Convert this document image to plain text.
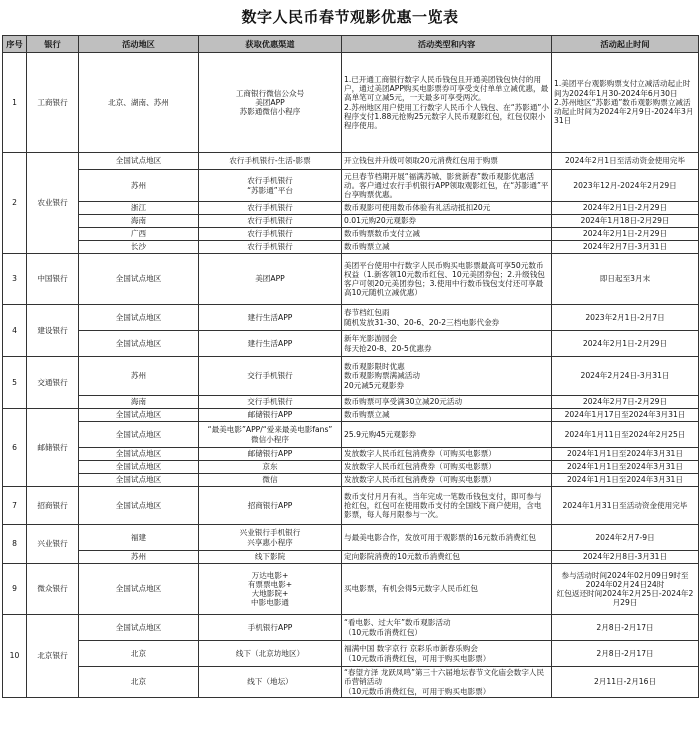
数字人民币春节观影优惠一览表
序号	银行	活动地区	获取优惠渠道	活动类型和内容	活动起止时间
1	工商银行	北京、湖南、苏州	工商银行微信公众号
美团APP
苏影通微信小程序	1.已开通工商银行数字人民币钱包且开通美团钱包快付的用户，通过美团APP购买电影票券可享受支付单单立减优惠，最高单笔可立减5元，一天最多可享受两次。
2.苏州地区用户使用工行数字人民币个人钱包、在“苏影通”小程序支付1.88元抢购25元数字人民币观影红包，红包仅限小程序使用。	1.美团平台观影购票支付立减活动起止时间为2024年1月30-2024年6月30日
2.苏州地区“苏影通”数币观影购票立减活动起止时间为2024年2月9日-2024年3月31日

2	农业银行	全国试点地区	农行手机银行-生活-影票	开立钱包并升级可领取20元消费红包用于购票	2024年2月1日至活动资金使用完毕

		苏州	农行手机银行
“苏影通”平台	元旦春节档期开展“福满苏城、影赏新春”数币观影优惠活动。客户通过农行手机银行APP领取观影红包，在“苏影通”平台享购票优惠。	2023年12月-2024年2月29日

		浙江	农行手机银行	数币观影可使用数币体验有礼活动抵扣20元	2024年2月1日-2月29日

		海南	农行手机银行	0.01元购20元观影券	2024年1月18日-2月29日

		广西	农行手机银行	数币购票数币支付立减	2024年2月1日-2月29日

		长沙	农行手机银行	数币购票立减	2024年2月7日-3月31日

3	中国银行	全国试点地区	美团APP	美团平台使用中行数字人民币购买电影票最高可享50元数币权益（1.新客领10元数币红包、10元美团券包；2.升级钱包客户可领20元美团券包；3.使用中行数币钱包支付还可享最高10元随机立减优惠）	即日起至3月末

4	建设银行	全国试点地区	建行生活APP	春节档红包雨
随机发放31-30、20-6、20-2三档电影代金券	2023年2月1日-2月7日

		全国试点地区	建行生活APP	新年光影游园会
每天抢20-8、20-5优惠券	2024年2月1日-2月29日

5	交通银行	苏州	交行手机银行	数币观影限时优惠
数币观影购票满减活动
20元减5元观影券	2024年2月24日-3月31日

		海南	交行手机银行	数币购票可享受满30立减20元活动	2024年2月7日-2月29日

6	邮储银行	全国试点地区	邮储银行APP	数币购票立减	2024年1月17日至2024年3月31日

		全国试点地区	“最美电影”APP/“爱来最美电影fans”
微信小程序	25.9元购45元观影券	2024年1月11日至2024年2月25日

		全国试点地区	邮储银行APP	发放数字人民币红包消费券（可购买电影票）	2024年1月1日至2024年3月31日

		全国试点地区	京东	发放数字人民币红包消费券（可购买电影票）	2024年1月1日至2024年3月31日

		全国试点地区	微信	发放数字人民币红包消费券（可购买电影票）	2024年1月1日至2024年3月31日

7	招商银行	全国试点地区	招商银行APP	数币支付月月有礼，当年完成一笔数币钱包支付，即可参与抢红包，红包可在使用数币支付的全国线下商户使用，含电影票，每人每月限参与一次。	2024年1月31日至活动资金使用完毕

8	兴业银行	福建	兴业银行手机银行
兴享惠小程序	与最美电影合作，发放可用于观影票的16元数币消费红包	2024年2月7-9日

		苏州	线下影院	定向影院消费的10元数币消费红包	2024年2月8日-3月31日

9	微众银行	全国试点地区	万达电影+
有票票电影+
大地影院+
中影电影通	买电影票，有机会得5元数字人民币红包	参与活动时间2024年02月09日9时至2024年02月24日24时
红包返还时间2024年2月25日-2024年2月29日

10	北京银行	全国试点地区	手机银行APP	“看电影、过大年”数币观影活动
（10元数币消费红包）	2月8日-2月17日

		北京	线下（北京坊地区）	福满中国 数字京行 京彩乐市新春乐购会
（10元数币消费红包，可用于购买电影票）	2月8日-2月17日

		北京	线下（地坛）	“春望方泽 龙跃凤鸣”第三十六届地坛春节文化庙会数字人民币营销活动
（10元数币消费红包，可用于购买电影票）	2月11日-2月16日
